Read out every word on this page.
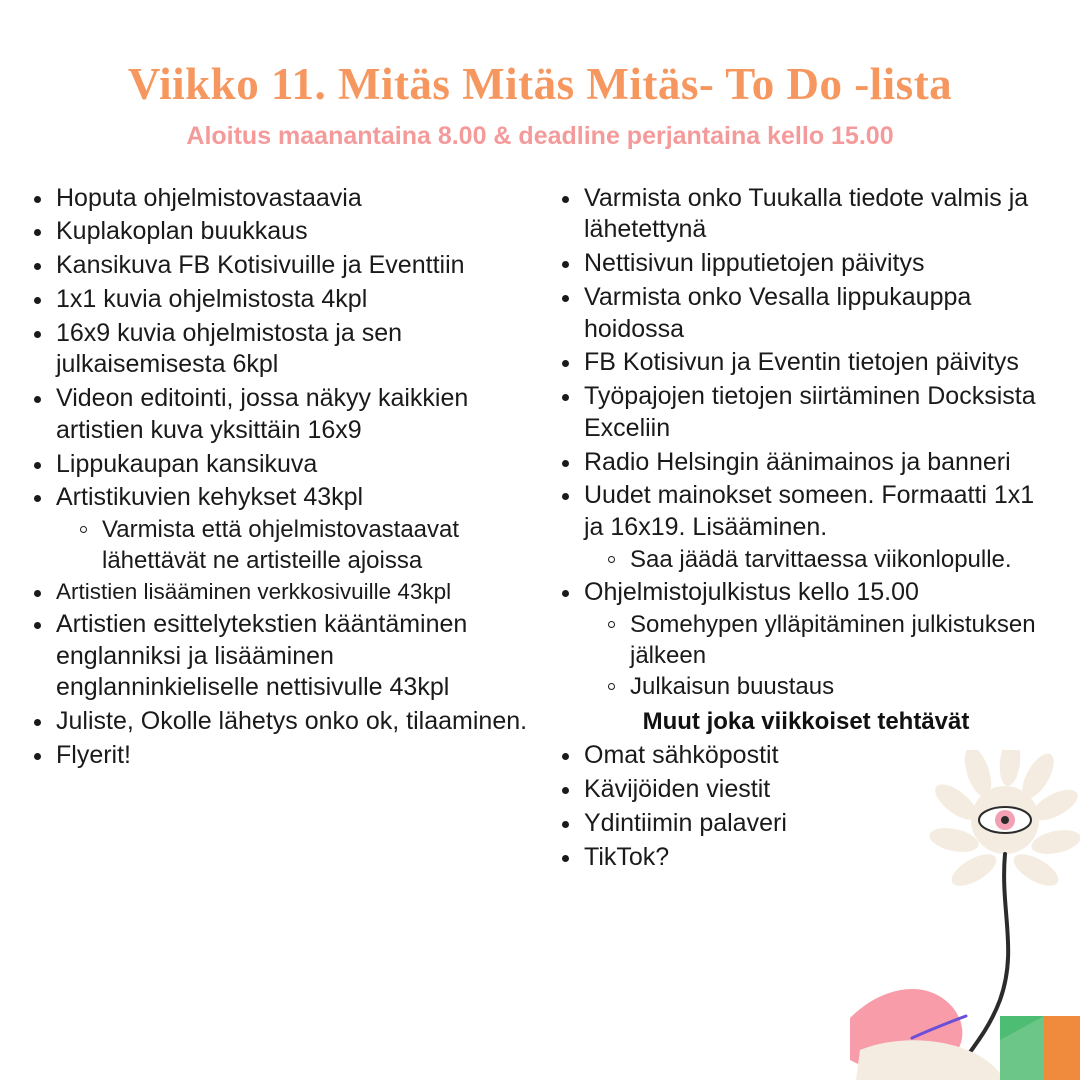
Viikko 11. Mitäs Mitäs Mitäs- To Do -lista
Aloitus maanantaina 8.00 & deadline perjantaina kello 15.00
Hoputa ohjelmistovastaavia
Kuplakoplan buukkaus
Kansikuva FB Kotisivuille ja Eventtiin
1x1 kuvia ohjelmistosta 4kpl
16x9 kuvia ohjelmistosta ja sen julkaisemisesta 6kpl
Videon editointi, jossa näkyy kaikkien artistien kuva yksittäin 16x9
Lippukaupan kansikuva
Artistikuvien kehykset 43kpl
Varmista että ohjelmistovastaavat lähettävät ne artisteille ajoissa
Artistien lisääminen verkkosivuille 43kpl
Artistien esittelytekstien kääntäminen englanniksi ja lisääminen englanninkieliselle nettisivulle 43kpl
Juliste, Okolle lähetys onko ok, tilaaminen.
Flyerit!
Varmista onko Tuukalla tiedote valmis ja lähetettynä
Nettisivun lipputietojen päivitys
Varmista onko Vesalla lippukauppa hoidossa
FB Kotisivun ja Eventin tietojen päivitys
Työpajojen tietojen siirtäminen Docksista Exceliin
Radio Helsingin äänimainos ja banneri
Uudet mainokset someen. Formaatti 1x1 ja 16x19. Lisääminen.
Saa jäädä tarvittaessa viikonlopulle.
Ohjelmistojulkistus kello 15.00
Somehypen ylläpitäminen julkistuksen jälkeen
Julkaisun buustaus
Muut joka viikkoiset tehtävät
Omat sähköpostit
Kävijöiden viestit
Ydintiimin palaveri
TikTok?
